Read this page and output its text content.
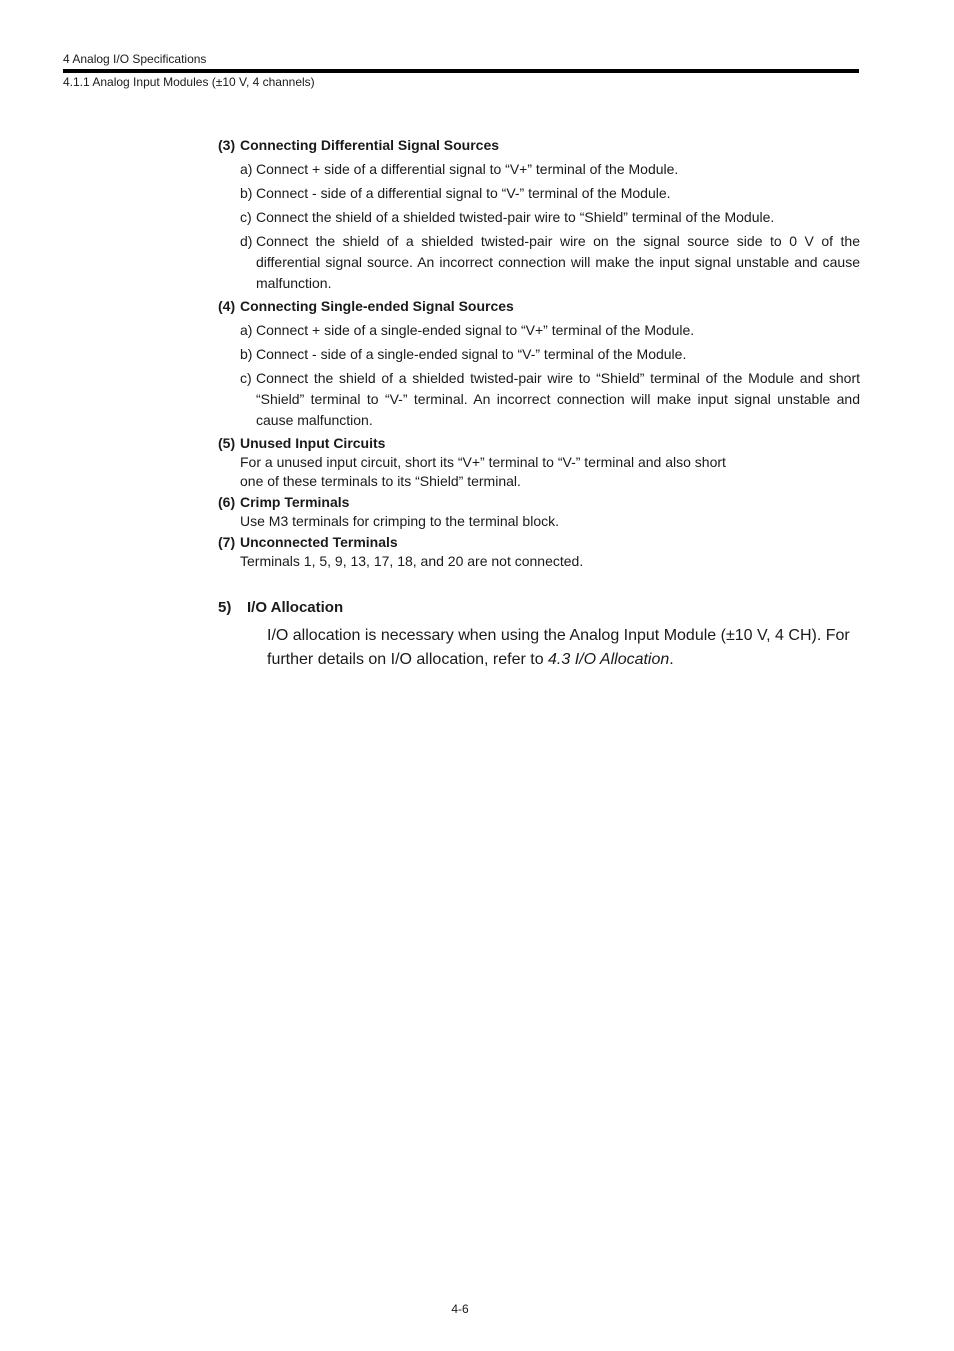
4 Analog I/O Specifications
4.1.1 Analog Input Modules (±10 V, 4 channels)
(3) Connecting Differential Signal Sources
a) Connect + side of a differential signal to “V+” terminal of the Module.
b) Connect - side of a differential signal to “V-” terminal of the Module.
c) Connect the shield of a shielded twisted-pair wire to “Shield” terminal of the Module.
d) Connect the shield of a shielded twisted-pair wire on the signal source side to 0 V of the differential signal source. An incorrect connection will make the input signal unstable and cause malfunction.
(4) Connecting Single-ended Signal Sources
a) Connect + side of a single-ended signal to “V+” terminal of the Module.
b) Connect - side of a single-ended signal to “V-” terminal of the Module.
c) Connect the shield of a shielded twisted-pair wire to “Shield” terminal of the Module and short “Shield” terminal to “V-” terminal. An incorrect connection will make input signal unstable and cause malfunction.
(5) Unused Input Circuits
For a unused input circuit, short its “V+” terminal to “V-” terminal and also short
one of these terminals to its “Shield” terminal.
(6) Crimp Terminals
Use M3 terminals for crimping to the terminal block.
(7) Unconnected Terminals
Terminals 1, 5, 9, 13, 17, 18, and 20 are not connected.
5)	I/O Allocation
I/O allocation is necessary when using the Analog Input Module (±10 V, 4 CH). For further details on I/O allocation, refer to 4.3 I/O Allocation.
4-6
